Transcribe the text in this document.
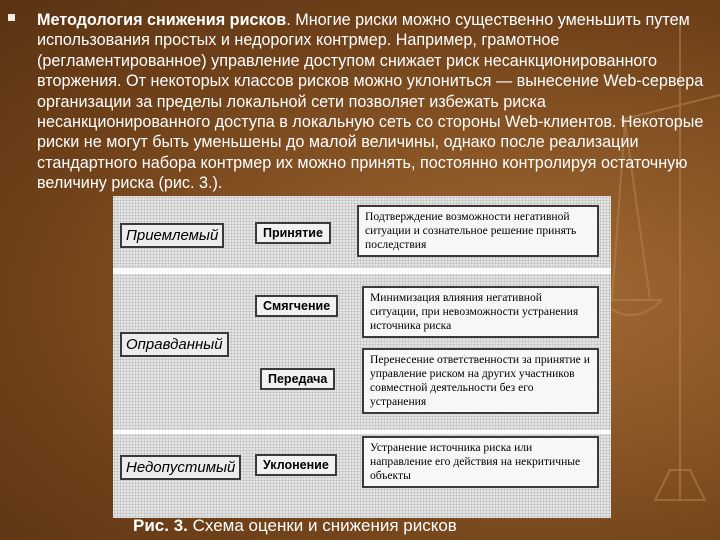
Методология снижения рисков. Многие риски можно существенно уменьшить путем использования простых и недорогих контрмер. Например, грамотное (регламентированное) управление доступом снижает риск несанкционированного вторжения. От некоторых классов рисков можно уклониться — вынесение Web-сервера организации за пределы локальной сети позволяет избежать риска несанкционированного доступа в локальную сеть со стороны Web-клиентов. Некоторые риски не могут быть уменьшены до малой величины, однако после реализации стандартного набора контрмер их можно принять, постоянно контролируя остаточную величину риска (рис. 3.).

Приемлемый
Оправданный
Недопустимый
Принятие
Смягчение
Передача
Уклонение
Подтверждение возможности негативной ситуации и сознательное решение принять последствия
Минимизация влияния негативной ситуации, при невозможности устранения источника риска
Перенесение ответственности за принятие и управление риском на других участников совместной деятельности без его устранения
Устранение источника риска или направление его действия на некритичные объекты
Рис. 3. Схема оценки и снижения рисков
